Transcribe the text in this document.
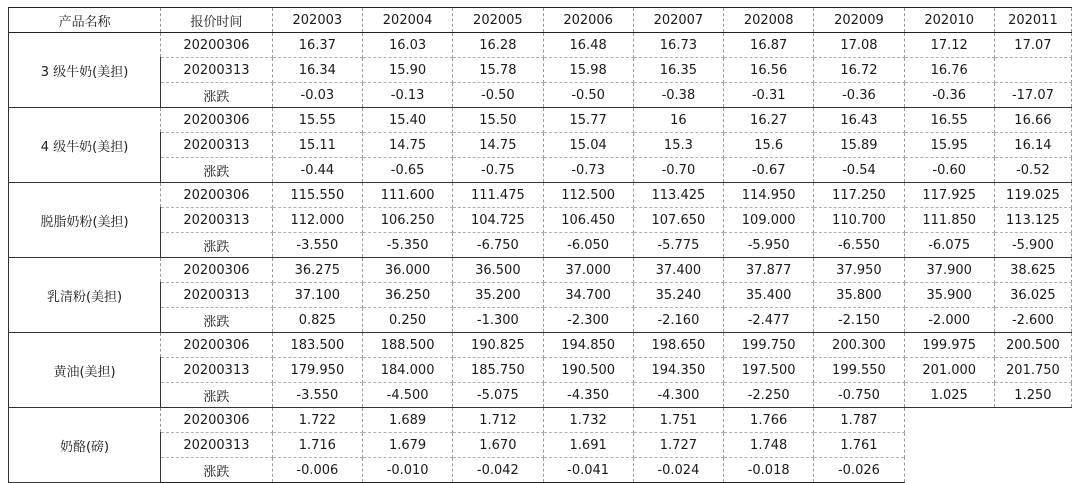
产品名称	报价时间	202003	202004	202005	202006	202007	202008	202009	202010	202011
3 级牛奶(美担)	20200306	16.37	16.03	16.28	16.48	16.73	16.87	17.08	17.12	17.07
	20200313	16.34	15.90	15.78	15.98	16.35	16.56	16.72	16.76	
	涨跌	-0.03	-0.13	-0.50	-0.50	-0.38	-0.31	-0.36	-0.36	-17.07
4 级牛奶(美担)	20200306	15.55	15.40	15.50	15.77	16	16.27	16.43	16.55	16.66
	20200313	15.11	14.75	14.75	15.04	15.3	15.6	15.89	15.95	16.14
	涨跌	-0.44	-0.65	-0.75	-0.73	-0.70	-0.67	-0.54	-0.60	-0.52
脱脂奶粉(美担)	20200306	115.550	111.600	111.475	112.500	113.425	114.950	117.250	117.925	119.025
	20200313	112.000	106.250	104.725	106.450	107.650	109.000	110.700	111.850	113.125
	涨跌	-3.550	-5.350	-6.750	-6.050	-5.775	-5.950	-6.550	-6.075	-5.900
乳清粉(美担)	20200306	36.275	36.000	36.500	37.000	37.400	37.877	37.950	37.900	38.625
	20200313	37.100	36.250	35.200	34.700	35.240	35.400	35.800	35.900	36.025
	涨跌	0.825	0.250	-1.300	-2.300	-2.160	-2.477	-2.150	-2.000	-2.600
黄油(美担)	20200306	183.500	188.500	190.825	194.850	198.650	199.750	200.300	199.975	200.500
	20200313	179.950	184.000	185.750	190.500	194.350	197.500	199.550	201.000	201.750
	涨跌	-3.550	-4.500	-5.075	-4.350	-4.300	-2.250	-0.750	1.025	1.250
奶酪(磅)	20200306	1.722	1.689	1.712	1.732	1.751	1.766	1.787		
	20200313	1.716	1.679	1.670	1.691	1.727	1.748	1.761		
	涨跌	-0.006	-0.010	-0.042	-0.041	-0.024	-0.018	-0.026		
